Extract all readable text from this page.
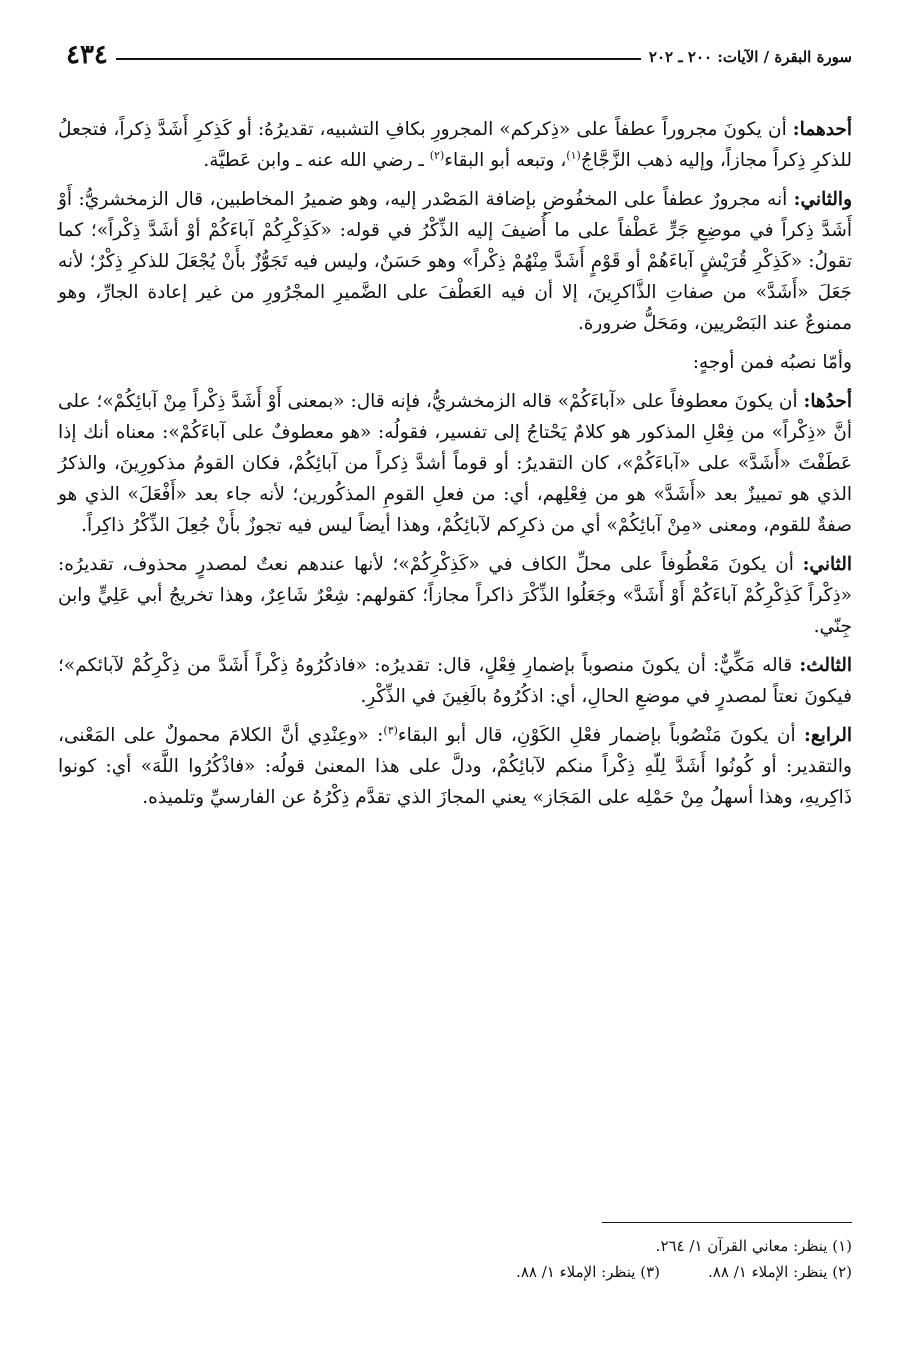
سورة البقرة / الآيات: ٢٠٠ ـ ٢٠٢
٤٣٤

أحدهما: أن يكونَ مجروراً عطفاً على «ذِكركم» المجرورِ بكافِ التشبيه، تقديرُهُ: أو كَذِكرِ أَشَدَّ ذِكراً، فتجعلُ للذكرِ ذِكراً مجازاً، وإليه ذهب الزَّجَّاجُ$^{(١)}$، وتبعه أبو البقاء$^{(٢)}$ ـ رضي الله عنه ـ وابن عَطيَّة.

والثاني: أنه مجرورٌ عطفاً على المخفُوضِ بإضافة المَصْدر إليه، وهو ضميرُ المخاطبين، قال الزمخشريُّ: أَوْ أَشَدَّ ذِكراً في موضِعِ جَرٍّ عَطْفاً على ما أُضيفَ إليه الذِّكْرُ في قوله: «كَذِكْرِكُمْ آباءَكُمْ أوْ أشَدَّ ذِكْراً»؛ كما تقولُ: «كَذِكْرِ قُرَيْشٍ آباءَهُمْ أو قَوْمٍ أَشَدَّ مِنْهُمْ ذِكْراً» وهو حَسَنٌ، وليس فيه تَجَوُّزٌ بأَنْ يُجْعَلَ للذكرِ ذِكْرٌ؛ لأنه جَعَلَ «أَشَدَّ» من صفاتِ الذَّاكرِينَ، إلا أن فيه العَطْفَ على الضَّميرِ المجْرُورِ من غير إعادة الجارِّ، وهو ممنوعٌ عند البَصْريين، ومَحَلُّ ضرورة.

وأمّا نصبُه فمن أوجهٍ:

أحدُها: أن يكونَ معطوفاً على «آباءَكُمْ» قاله الزمخشريُّ، فإنه قال: «بمعنى أَوْ أَشَدَّ ذِكْراً مِنْ آبائِكُمْ»؛ على أنَّ «ذِكْراً» من فِعْلِ المذكور هو كلامٌ يَحْتاجُ إلى تفسير، فقولُه: «هو معطوفٌ على آباءَكُمْ»: معناه أنك إذا عَطَفْتَ «أَشَدَّ» على «آباءَكُمْ»، كان التقديرُ: أو قوماً أشدَّ ذِكراً من آبائِكُمْ، فكان القومُ مذكورِينَ، والذكرُ الذي هو تمييزٌ بعد «أَشَدَّ» هو من فِعْلِهم، أي: من فعلِ القومِ المذكُورين؛ لأنه جاء بعد «أَفْعَلَ» الذي هو صفةٌ للقوم، ومعنى «مِنْ آبائِكُمْ» أي من ذكرِكم لآبائِكُمْ، وهذا أيضاً ليس فيه تجوزٌ بأَنْ جُعِلَ الذِّكْرُ ذاكِراً.

الثاني: أن يكونَ مَعْطُوفاً على محلِّ الكاف في «كَذِكْرِكُمْ»؛ لأنها عندهم نعتٌ لمصدرٍ محذوف، تقديرُه: «ذِكْراً كَذِكْرِكُمْ آباءَكُمْ أَوْ أَشَدَّ» وجَعَلُوا الذِّكْرَ ذاكراً مجازاً؛ كقولهم: شِعْرٌ شَاعِرٌ، وهذا تخريجُ أبي عَلِيٍّ وابن جِنّي.

الثالث: قاله مَكِّيٌّ: أن يكونَ منصوباً بإضمارِ فِعْلٍ، قال: تقديرُه: «فاذكُرُوهُ ذِكْراً أَشَدَّ من ذِكْرِكُمْ لآبائكم»؛ فيكونَ نعتاً لمصدرٍ في موضعِ الحالِ، أي: اذكُرُوهُ بالَغِينَ في الذِّكْرِ.

الرابع: أن يكونَ مَنْصُوباً بإضمار فعْلِ الكَوْنِ، قال أبو البقاء$^{(٣)}$: «وعِنْدِي أنَّ الكلامَ محمولٌ على المَعْنى، والتقدير: أو كُونُوا أَشَدَّ لِلّهِ ذِكْراً منكم لآبائِكُمْ، ودلَّ على هذا المعنىٰ قولُه: «فاذْكُرُوا اللَّهَ» أي: كونوا ذَاكِريهِ، وهذا أسهلُ مِنْ حَمْلِه على المَجَاز» يعني المجازَ الذي تقدَّم ذِكْرُهُ عن الفارسيِّ وتلميذه.

(١) ينظر: معاني القرآن ١/ ٢٦٤.
(٢) ينظر: الإملاء ١/ ٨٨.
(٣) ينظر: الإملاء ١/ ٨٨.
